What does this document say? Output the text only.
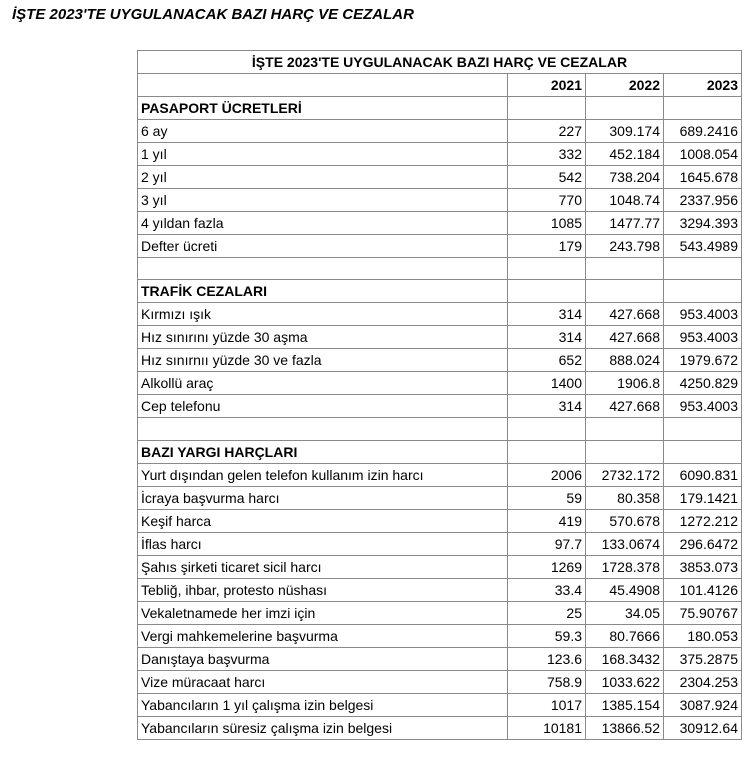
İŞTE 2023'TE UYGULANACAK BAZI HARÇ VE CEZALAR
İŞTE 2023'TE UYGULANACAK BAZI HARÇ VE CEZALAR			
	2021	2022	2023
PASAPORT ÜCRETLERİ			
6 ay	227	309.174	689.2416
1 yıl	332	452.184	1008.054
2 yıl	542	738.204	1645.678
3 yıl	770	1048.74	2337.956
4 yıldan fazla	1085	1477.77	3294.393
Defter ücreti	179	243.798	543.4989

TRAFİK CEZALARI			
Kırmızı ışık	314	427.668	953.4003
Hız sınırını yüzde 30 aşma	314	427.668	953.4003
Hız sınırnıı yüzde 30 ve fazla	652	888.024	1979.672
Alkollü araç	1400	1906.8	4250.829
Cep telefonu	314	427.668	953.4003

BAZI YARGI HARÇLARI			
Yurt dışından gelen telefon kullanım izin harcı	2006	2732.172	6090.831
İcraya başvurma harcı	59	80.358	179.1421
Keşif harca	419	570.678	1272.212
İflas harcı	97.7	133.0674	296.6472
Şahıs şirketi ticaret sicil harcı	1269	1728.378	3853.073
Tebliğ, ihbar, protesto nüshası	33.4	45.4908	101.4126
Vekaletnamede her imzi için	25	34.05	75.90767
Vergi mahkemelerine başvurma	59.3	80.7666	180.053
Danıştaya başvurma	123.6	168.3432	375.2875
Vize müracaat harcı	758.9	1033.622	2304.253
Yabancıların 1 yıl çalışma izin belgesi	1017	1385.154	3087.924
Yabancıların süresiz çalışma izin belgesi	10181	13866.52	30912.64
